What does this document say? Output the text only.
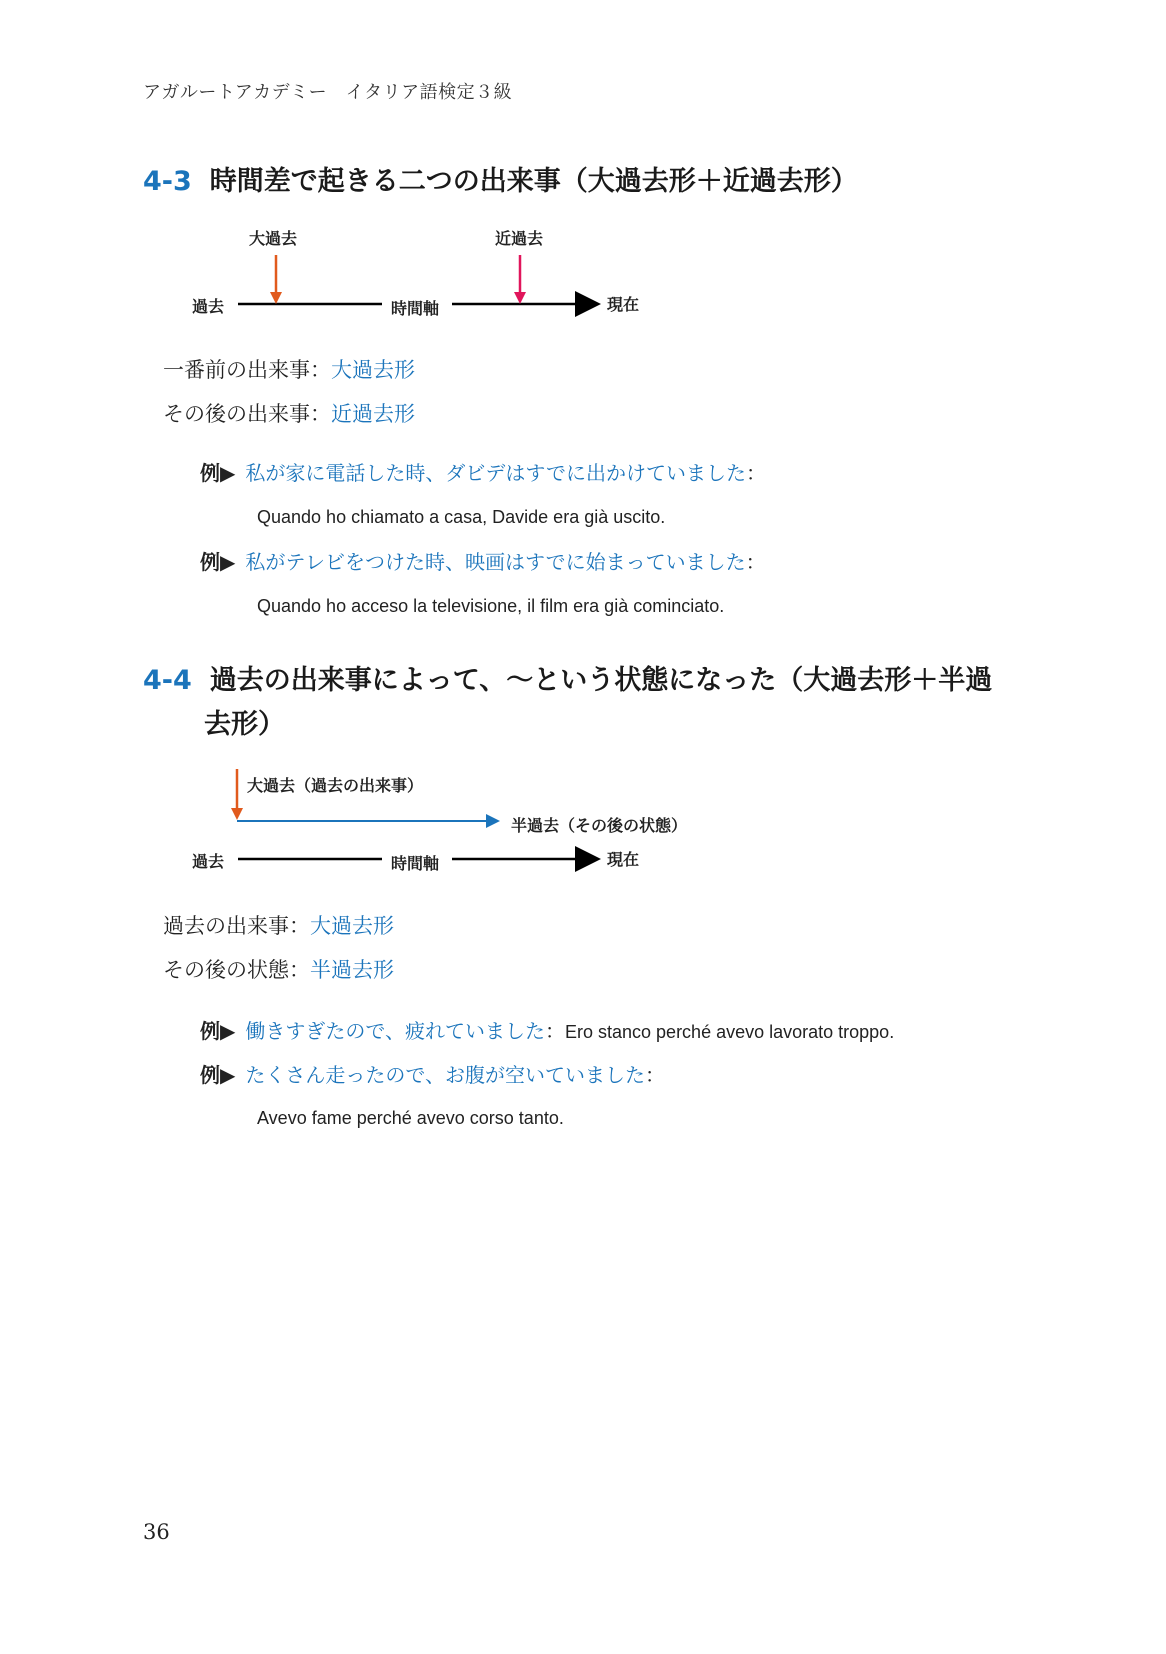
アガルートアカデミー　イタリア語検定３級
4-3 時間差で起きる二つの出来事（大過去形＋近過去形）
大過去	近過去
過去	時間軸	現在
一番前の出来事：大過去形
その後の出来事：近過去形
例▶ 私が家に電話した時、ダビデはすでに出かけていました：
Quando ho chiamato a casa, Davide era già uscito.
例▶ 私がテレビをつけた時、映画はすでに始まっていました：
Quando ho acceso la televisione, il film era già cominciato.
4-4 過去の出来事によって、～という状態になった（大過去形＋半過
去形）
大過去（過去の出来事）
半過去（その後の状態）
過去	時間軸	現在
過去の出来事：大過去形
その後の状態：半過去形
例▶ 働きすぎたので、疲れていました：Ero stanco perché avevo lavorato troppo.
例▶ たくさん走ったので、お腹が空いていました：
Avevo fame perché avevo corso tanto.
36
